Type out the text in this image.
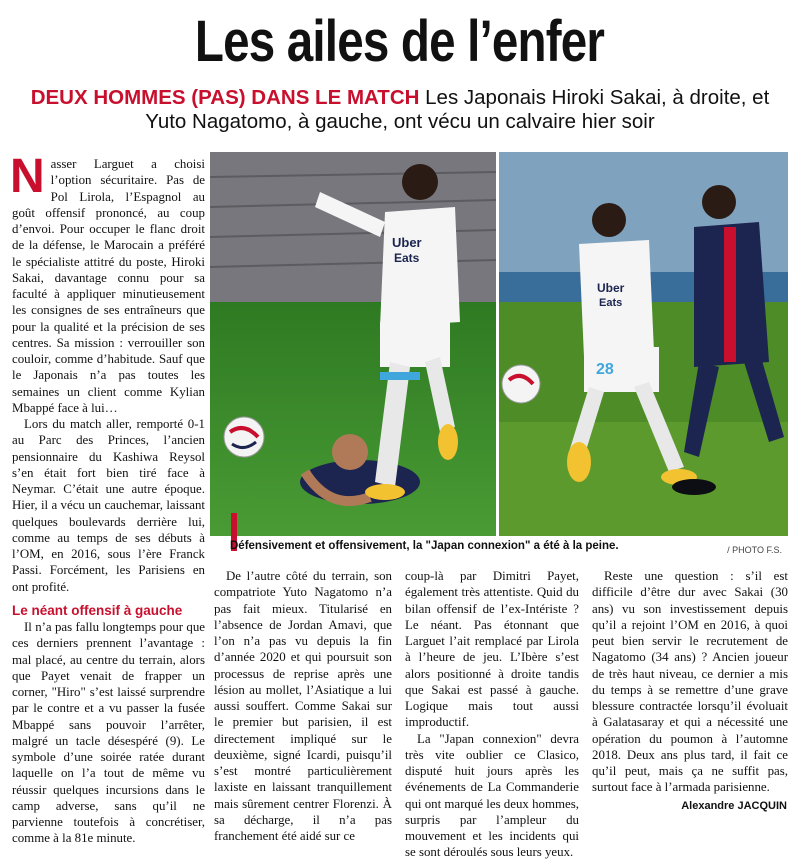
Les ailes de l’enfer
DEUX HOMMES (PAS) DANS LE MATCH Les Japonais Hiroki Sakai, à droite, et Yuto Nagatomo, à gauche, ont vécu un calvaire hier soir

Nasser Larguet a choisi l’option sécuritaire. Pas de Pol Lirola, l’Espagnol au goût offensif prononcé, au coup d’envoi. Pour occuper le flanc droit de la défense, le Marocain a préféré le spécialiste attitré du poste, Hiroki Sakai, davantage connu pour sa faculté à appliquer minutieusement les consignes de ses entraîneurs que pour la qualité et la précision de ses centres. Sa mission : verrouiller son couloir, comme d’habitude. Sauf que le Japonais n’a pas toutes les semaines un client comme Kylian Mbappé face à lui…

Lors du match aller, remporté 0-1 au Parc des Princes, l’ancien pensionnaire du Kashiwa Reysol s’en était fort bien tiré face à Neymar. C’était une autre époque. Hier, il a vécu un cauchemar, laissant quelques boulevards derrière lui, comme au temps de ses débuts à l’OM, en 2016, sous l’ère Franck Passi. Forcément, les Parisiens en ont profité.

Le néant offensif à gauche

Il n’a pas fallu longtemps pour que ces derniers prennent l’avantage : mal placé, au centre du terrain, alors que Payet venait de frapper un corner, "Hiro" s’est laissé surprendre par le contre et a vu passer la fusée Mbappé sans pouvoir l’arrêter, malgré un tacle désespéré (9). Le symbole d’une soirée ratée durant laquelle on l’a tout de même vu réussir quelques incursions dans le camp adverse, sans qu’il ne parvienne toutefois à concrétiser, comme à la 81e minute.

Uber
Eats
Uber
Eats
28
Défensivement et offensivement, la "Japan connexion" a été à la peine.	/ PHOTO F.S.

De l’autre côté du terrain, son compatriote Yuto Nagatomo n’a pas fait mieux. Titularisé en l’absence de Jordan Amavi, que l’on n’a pas vu depuis la fin d’année 2020 et qui poursuit son processus de reprise après une lésion au mollet, l’Asiatique a lui aussi souffert. Comme Sakai sur le premier but parisien, il est directement impliqué sur le deuxième, signé Icardi, puisqu’il s’est montré particulièrement laxiste en laissant tranquillement mais sûrement centrer Florenzi. À sa décharge, il n’a pas franchement été aidé sur ce

coup-là par Dimitri Payet, également très attentiste. Quid du bilan offensif de l’ex-Intériste ? Le néant. Pas étonnant que Larguet l’ait remplacé par Lirola à l’heure de jeu. L’Ibère s’est alors positionné à droite tandis que Sakai est passé à gauche. Logique mais tout aussi improductif.

La "Japan connexion" devra très vite oublier ce Clasico, disputé huit jours après les événements de La Commanderie qui ont marqué les deux hommes, surpris par l’ampleur du mouvement et les incidents qui se sont déroulés sous leurs yeux.

Reste une question : s’il est difficile d’être dur avec Sakai (30 ans) vu son investissement depuis qu’il a rejoint l’OM en 2016, à quoi peut bien servir le recrutement de Nagatomo (34 ans) ? Ancien joueur de très haut niveau, ce dernier a mis du temps à se remettre d’une grave blessure contractée lorsqu’il évoluait à Galatasaray et qui a nécessité une opération du poumon à l’automne 2018. Deux ans plus tard, il fait ce qu’il peut, mais ça ne suffit pas, surtout face à l’armada parisienne.

Alexandre JACQUIN
